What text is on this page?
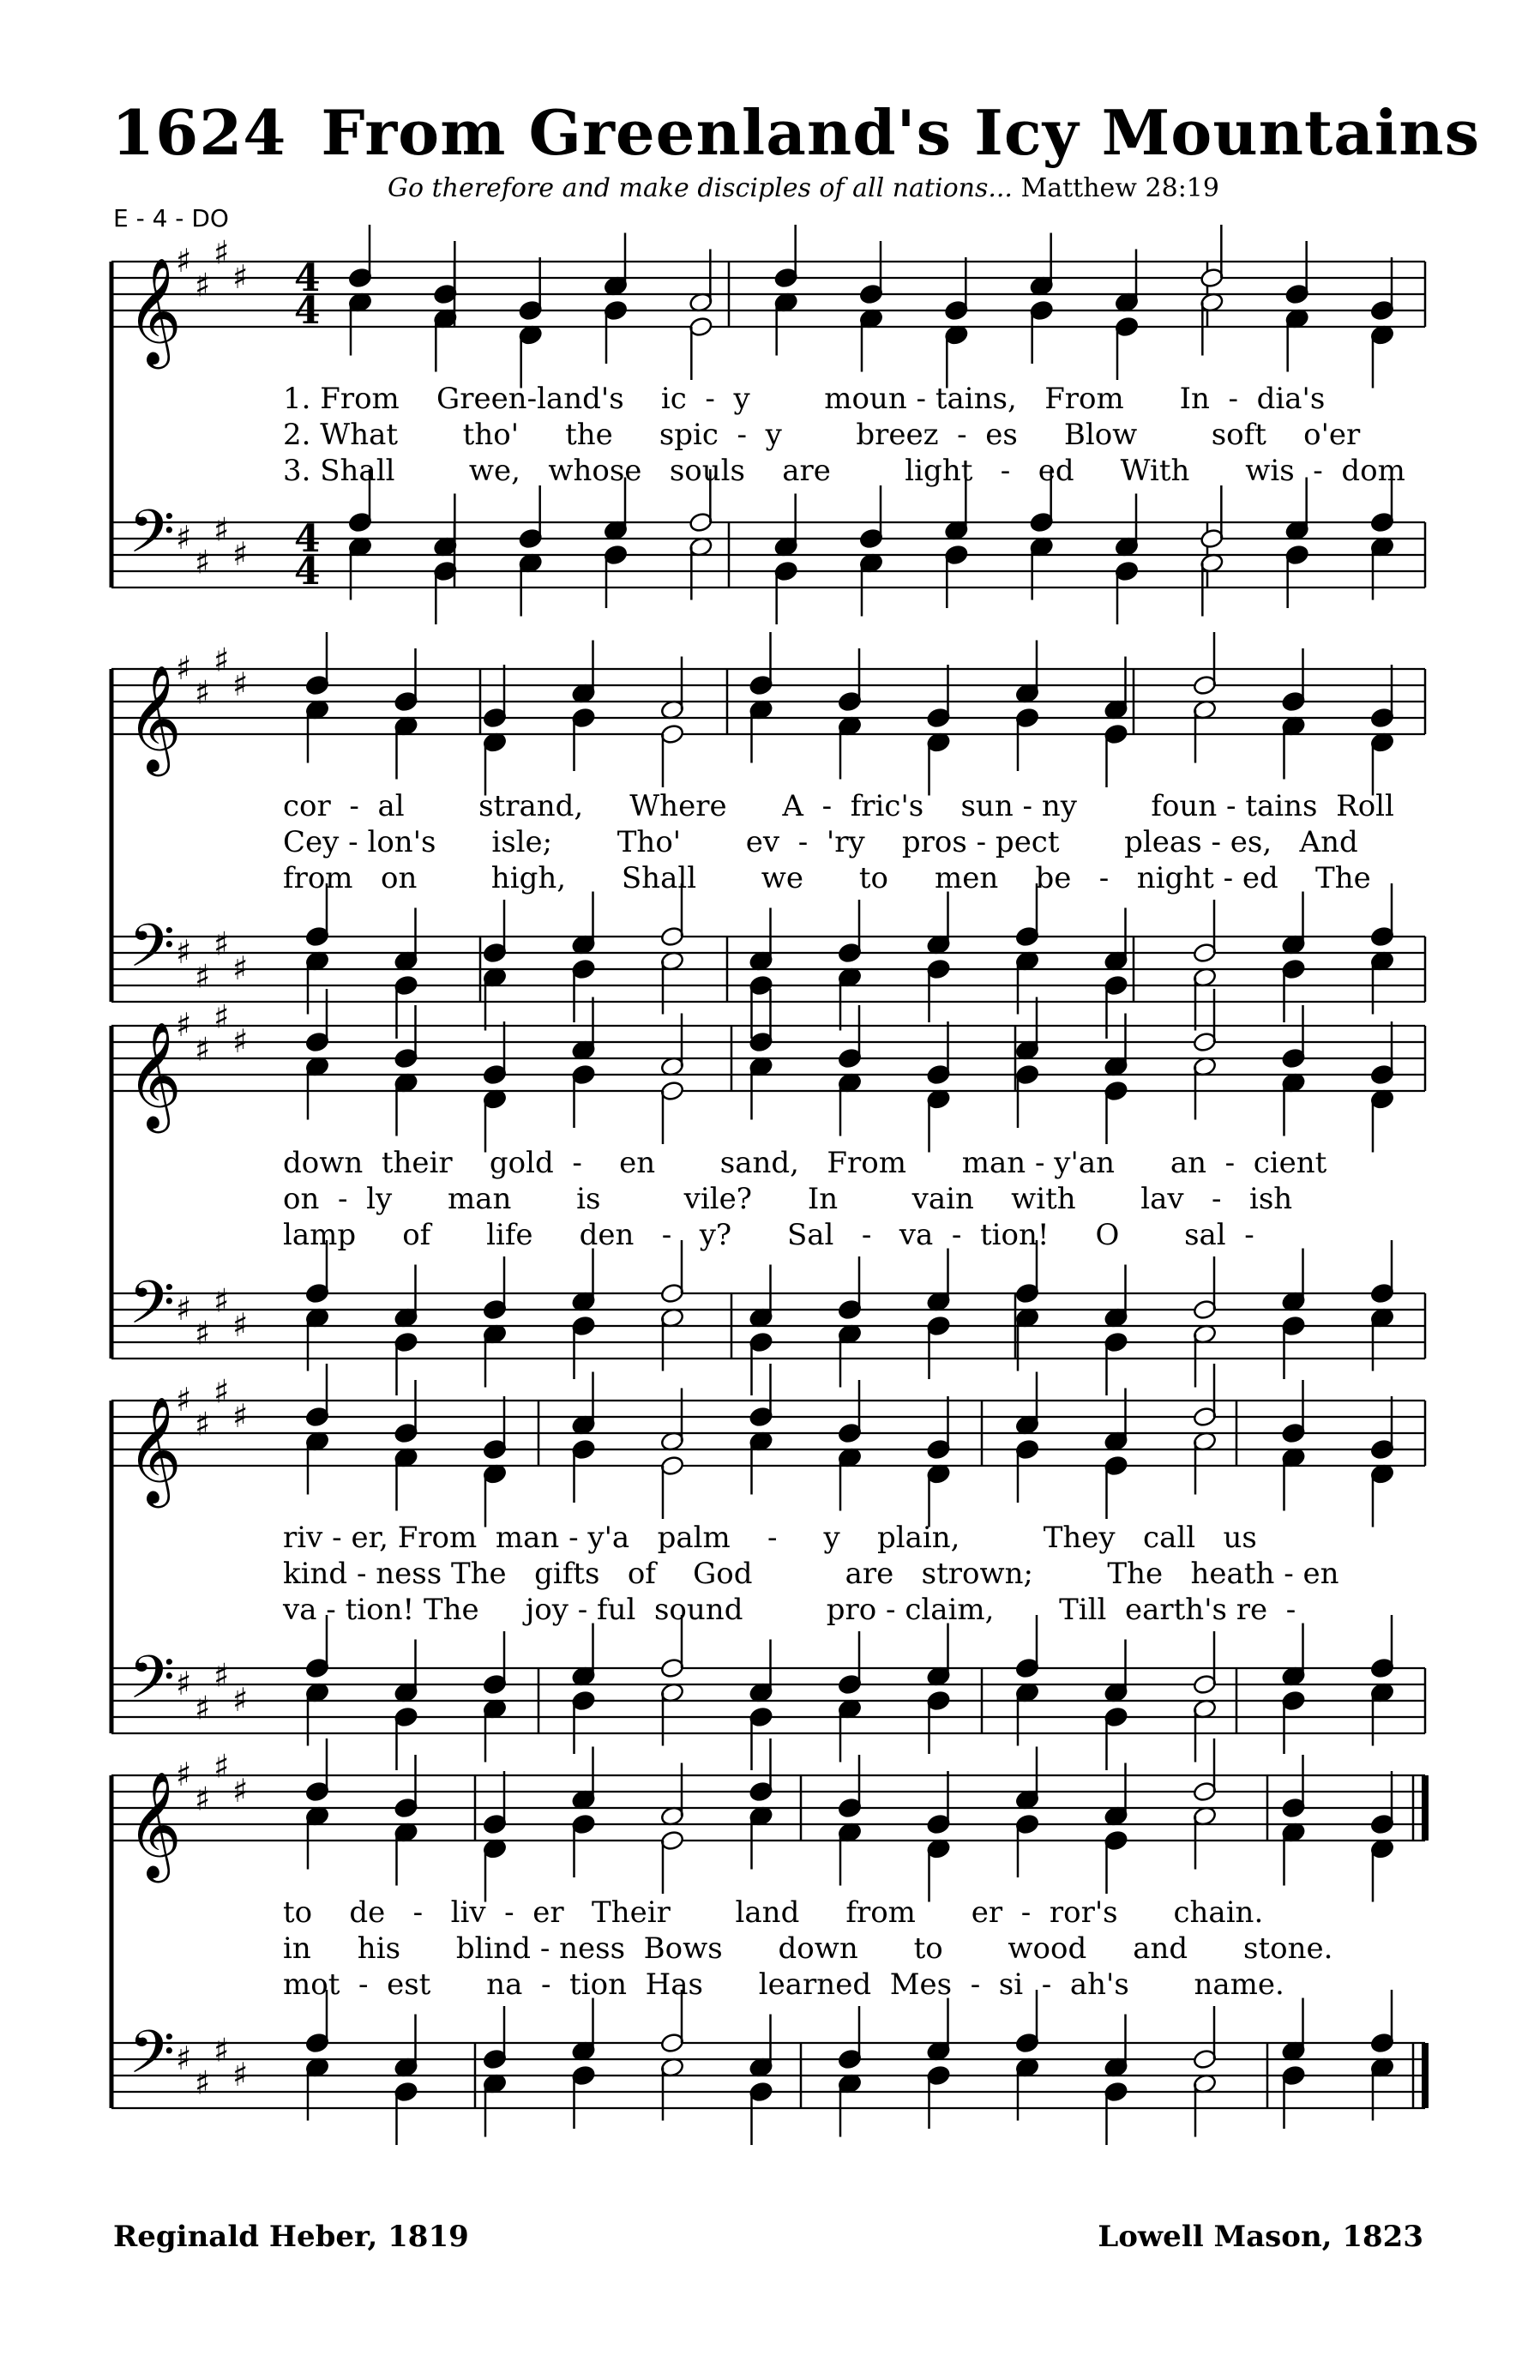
1624 From Greenland's Icy Mountains
Go therefore and make disciples of all nations... Matthew 28:19
E - 4 - DO
𝄞
𝄢
♯
♯
♯
♯
♯
♯
♯
♯
4
4
4
4
1. From    Green-land's    ic  -  y        moun - tains,   From      In  -  dia's
2. What       tho'     the     spic  -  y        breez  -  es     Blow        soft    o'er
3. Shall        we,   whose   souls    are        light   -   ed     With      wis  -  dom
𝄞
𝄢
♯
♯
♯
♯
♯
♯
♯
♯
cor  -  al        strand,     Where      A  -  fric's    sun - ny        foun - tains  Roll
Cey - lon's      isle;       Tho'       ev  -  'ry    pros - pect       pleas - es,   And
from   on        high,      Shall       we      to     men    be   -   night - ed    The
𝄞
𝄢
♯
♯
♯
♯
♯
♯
♯
♯
down  their    gold  -    en       sand,   From      man - y'an      an  -  cient
on  -  ly      man       is         vile?      In        vain    with       lav   -   ish
lamp     of      life     den   -   y?      Sal   -   va  -  tion!     O       sal  -
𝄞
𝄢
♯
♯
♯
♯
♯
♯
♯
♯
riv - er, From  man - y'a   palm    -     y    plain,         They   call   us
kind - ness The   gifts   of    God          are   strown;        The   heath - en
va - tion! The     joy - ful  sound         pro - claim,       Till  earth's re  -
𝄞
𝄢
♯
♯
♯
♯
♯
♯
♯
♯
to    de   -   liv  -  er   Their       land     from      er  -  ror's      chain.
in     his      blind - ness  Bows      down      to       wood     and      stone.
mot  -  est      na  -  tion  Has      learned  Mes  -  si  -  ah's       name.
Reginald Heber, 1819	Lowell Mason, 1823
